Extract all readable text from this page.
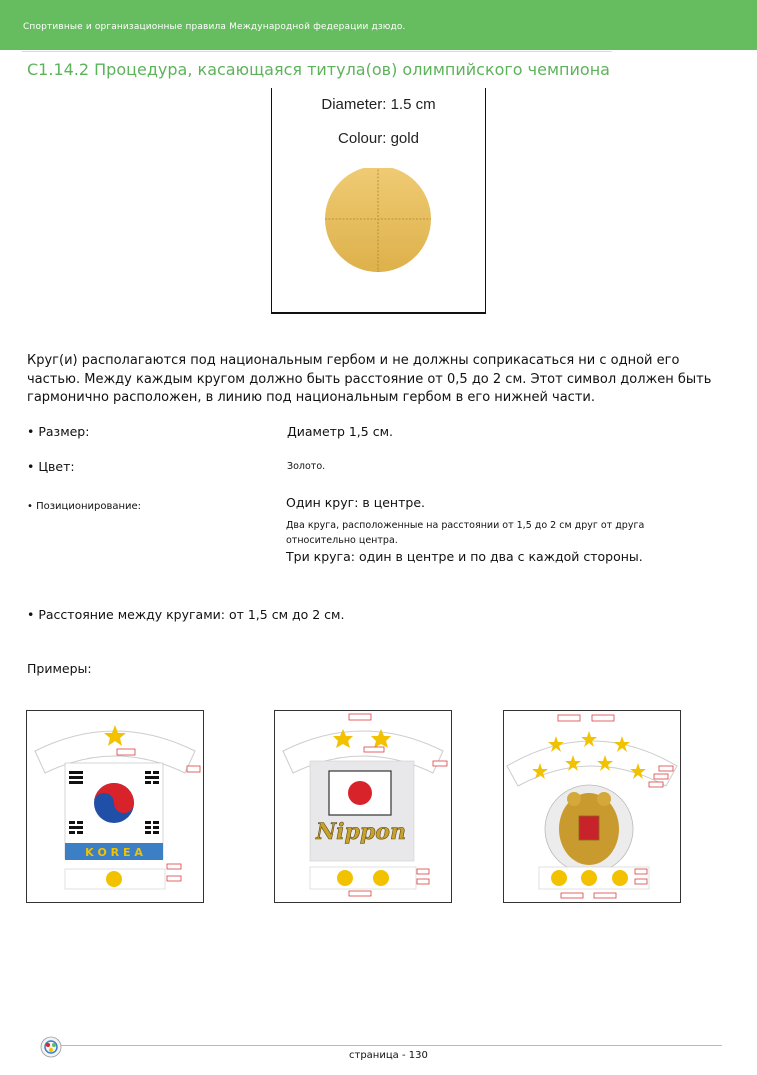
Спортивные и организационные правила Международной федерации дзюдо.
C1.14.2 Процедура, касающаяся титула(ов) олимпийского чемпиона
Diameter: 1.5 cm
Colour: gold
Круг(и) располагаются под национальным гербом и не должны соприкасаться ни с одной его частью. Между каждым кругом должно быть расстояние от 0,5 до 2 см. Этот символ должен быть гармонично расположен, в линию под национальным гербом в его нижней части.
• Размер:	Диаметр 1,5 см.
• Цвет:	Золото.
• Позиционирование:	Один круг: в центре.
Два круга, расположенные на расстоянии от 1,5 до 2 см друг от друга относительно центра.
Три круга: один в центре и по два с каждой стороны.
• Расстояние между кругами: от 1,5 см до 2 см.
Примеры:
K O R E A
Nippon
страница - 130
